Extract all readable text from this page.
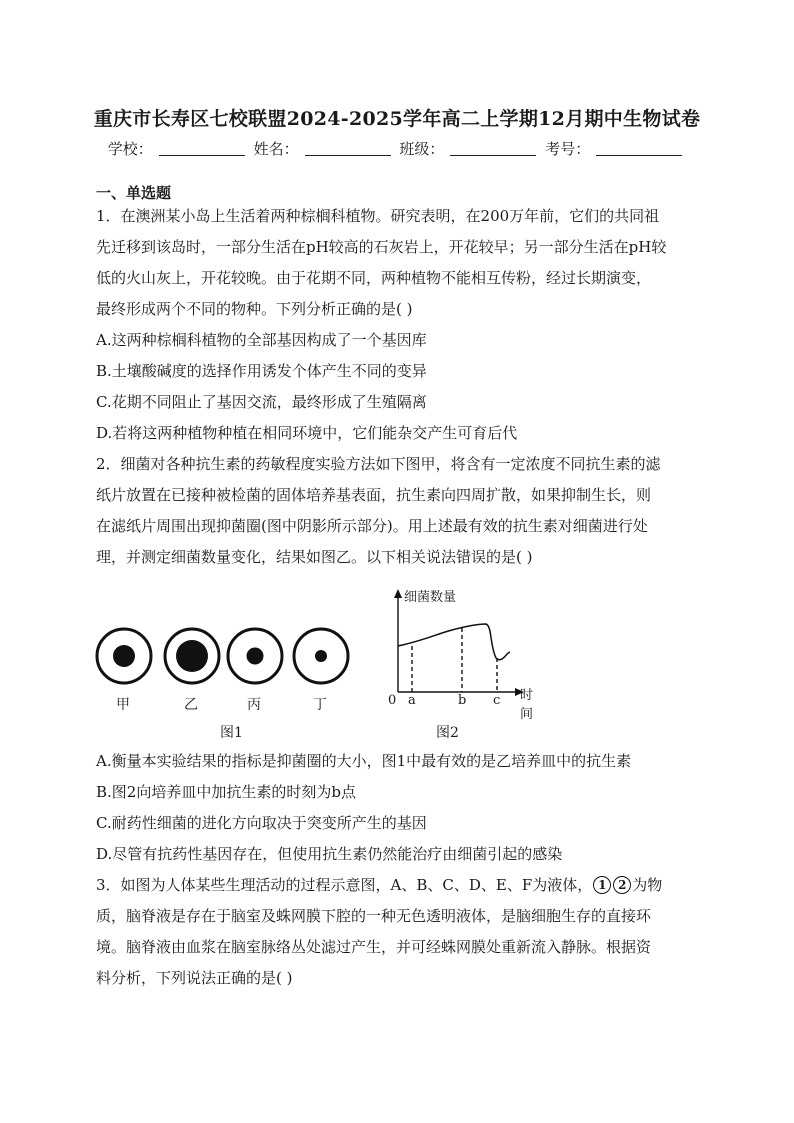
重庆市长寿区七校联盟2024-2025学年高二上学期12月期中生物试卷
学校：	姓名：	班级：	考号：
一、单选题
1．在澳洲某小岛上生活着两种棕榈科植物。研究表明，在200万年前，它们的共同祖
先迁移到该岛时，一部分生活在pH较高的石灰岩上，开花较早；另一部分生活在pH较
低的火山灰上，开花较晚。由于花期不同，两种植物不能相互传粉，经过长期演变，
最终形成两个不同的物种。下列分析正确的是( )
A.这两种棕榈科植物的全部基因构成了一个基因库
B.土壤酸碱度的选择作用诱发个体产生不同的变异
C.花期不同阻止了基因交流，最终形成了生殖隔离
D.若将这两种植物种植在相同环境中，它们能杂交产生可育后代
2．细菌对各种抗生素的药敏程度实验方法如下图甲，将含有一定浓度不同抗生素的滤
纸片放置在已接种被检菌的固体培养基表面，抗生素向四周扩散，如果抑制生长，则
在滤纸片周围出现抑菌圈(图中阴影所示部分)。用上述最有效的抗生素对细菌进行处
理，并测定细菌数量变化，结果如图乙。以下相关说法错误的是( )
甲	乙	丙	丁
图1	图2
细菌数量
时间
0 a	b c
A.衡量本实验结果的指标是抑菌圈的大小，图1中最有效的是乙培养皿中的抗生素
B.图2向培养皿中加抗生素的时刻为b点
C.耐药性细菌的进化方向取决于突变所产生的基因
D.尽管有抗药性基因存在，但使用抗生素仍然能治疗由细菌引起的感染
3．如图为人体某些生理活动的过程示意图，A、B、C、D、E、F为液体， 1 2 为物
质，脑脊液是存在于脑室及蛛网膜下腔的一种无色透明液体，是脑细胞生存的直接环
境。脑脊液由血浆在脑室脉络丛处滤过产生，并可经蛛网膜处重新流入静脉。根据资
料分析，下列说法正确的是( )
